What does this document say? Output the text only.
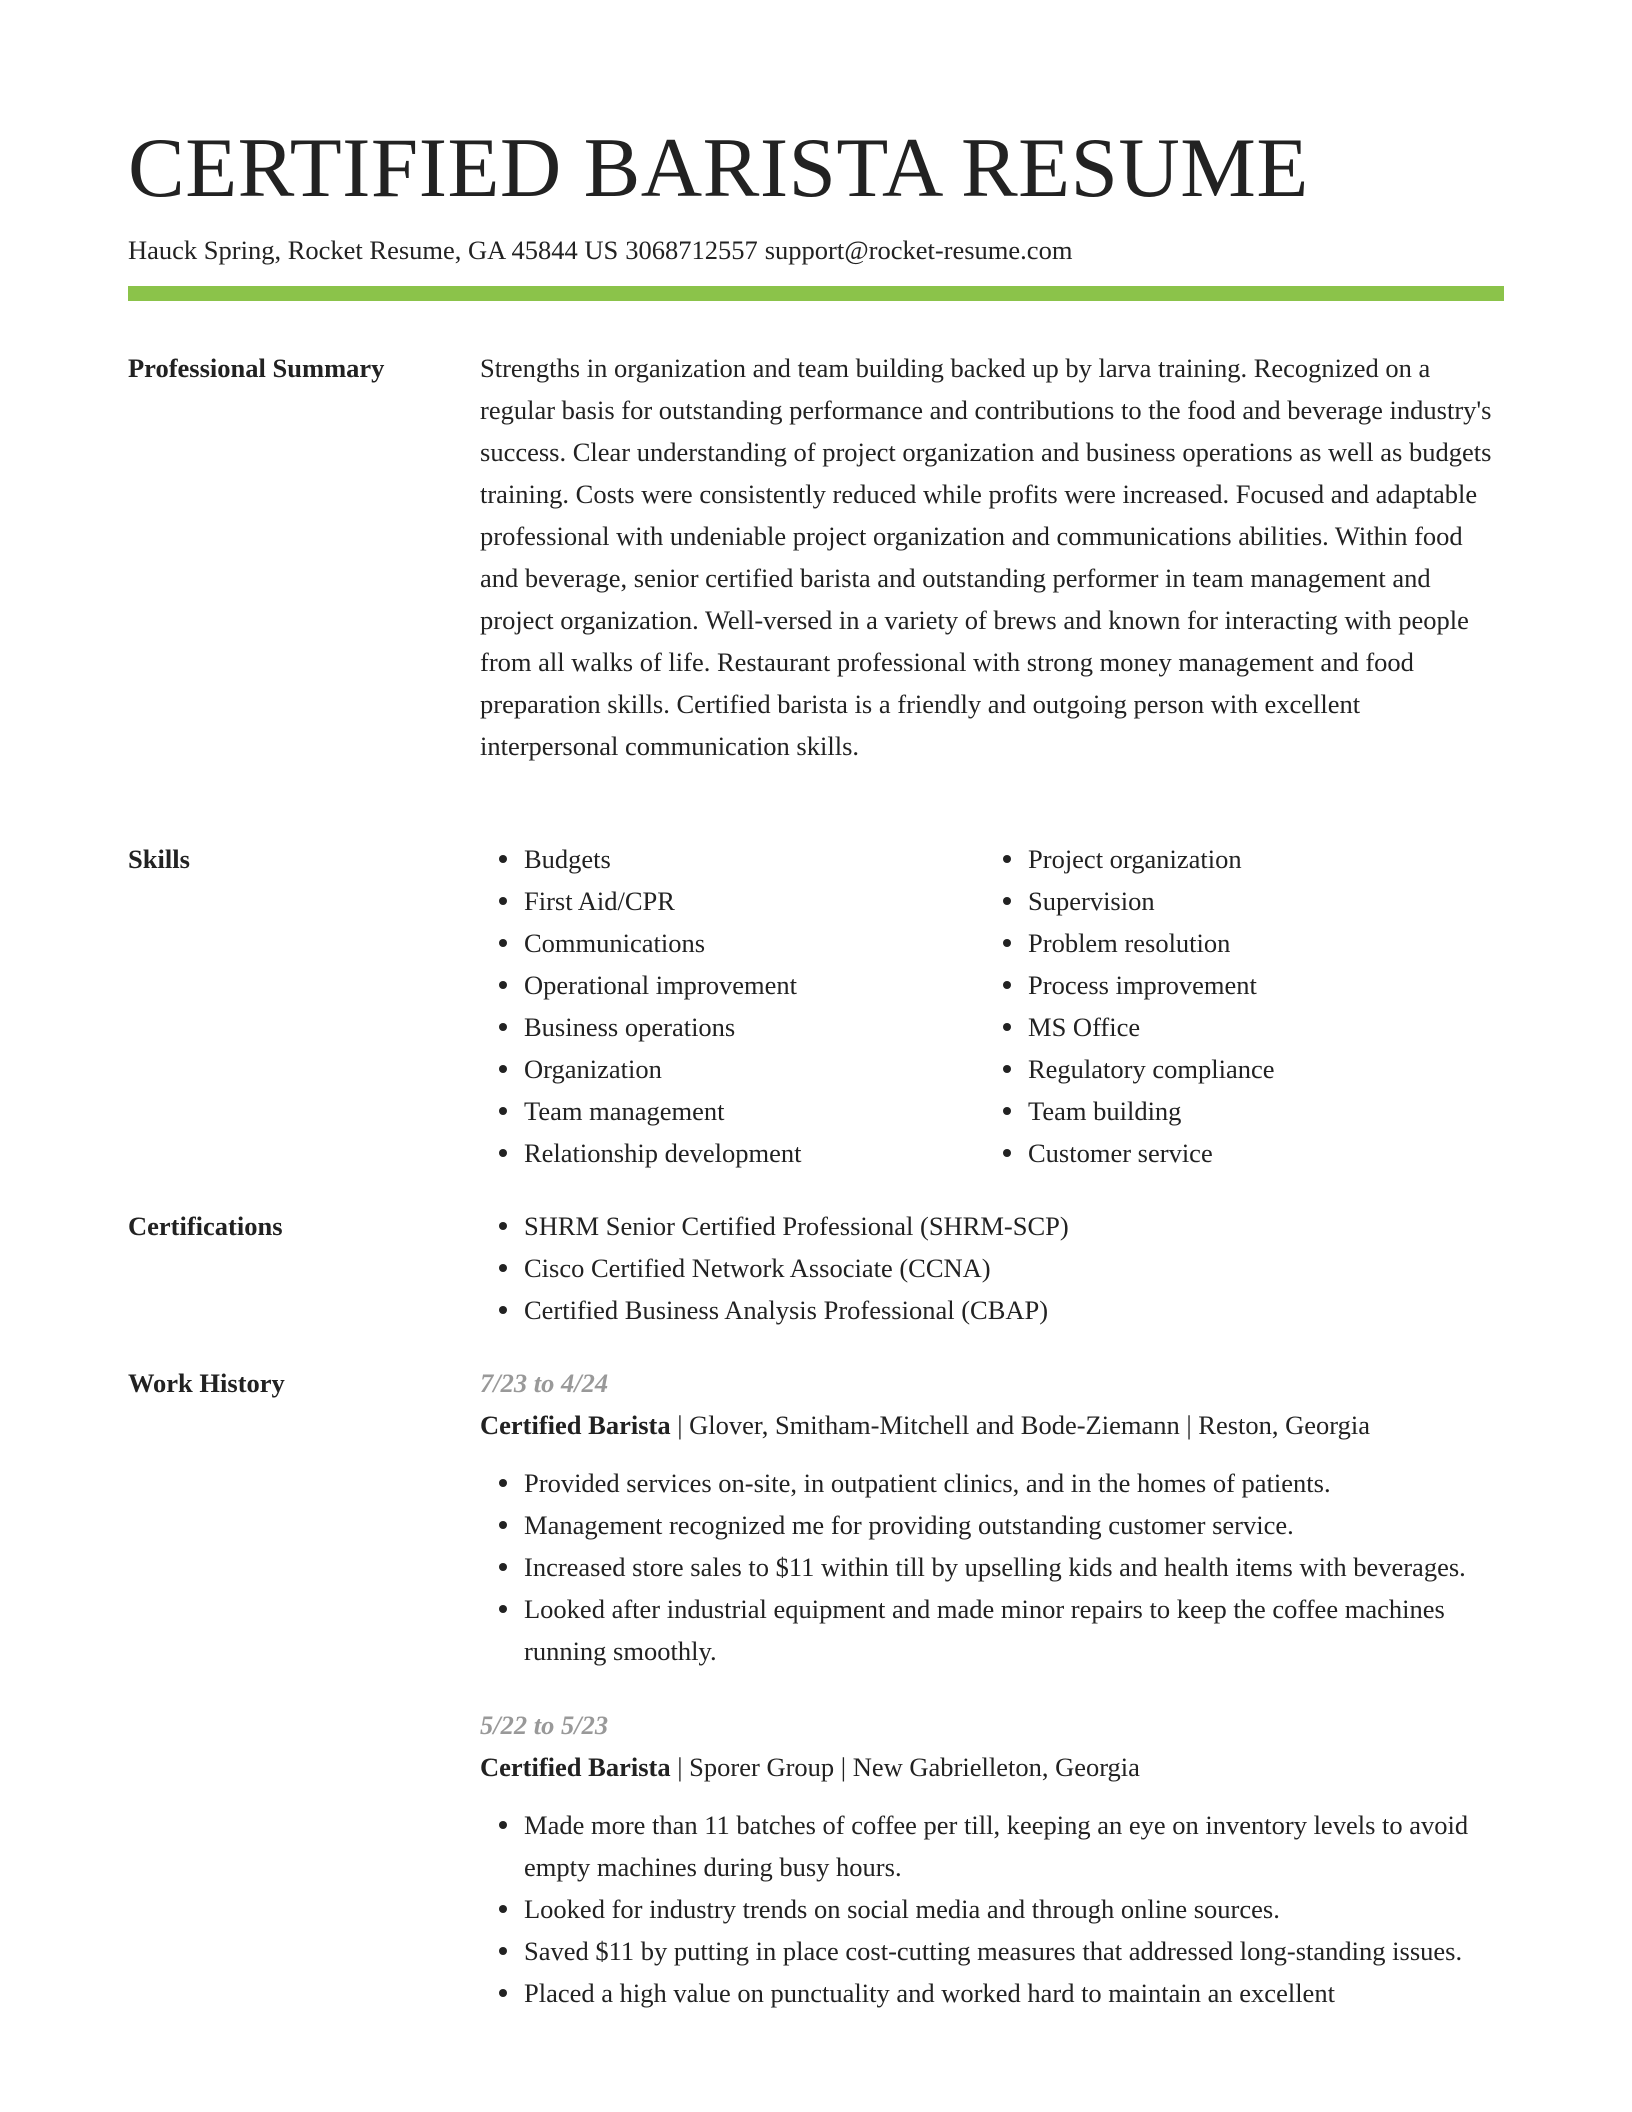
CERTIFIED BARISTA RESUME
Hauck Spring, Rocket Resume, GA 45844 US 3068712557 support@rocket-resume.com
Professional Summary	Strengths in organization and team building backed up by larva training. Recognized on a regular basis for outstanding performance and contributions to the food and beverage industry's success. Clear understanding of project organization and business operations as well as budgets training. Costs were consistently reduced while profits were increased. Focused and adaptable professional with undeniable project organization and communications abilities. Within food and beverage, senior certified barista and outstanding performer in team management and project organization. Well-versed in a variety of brews and known for interacting with people from all walks of life. Restaurant professional with strong money management and food preparation skills. Certified barista is a friendly and outgoing person with excellent interpersonal communication skills.

Skills	Budgets
First Aid/CPR
Communications
Operational improvement
Business operations
Organization
Team management
Relationship development
Project organization
Supervision
Problem resolution
Process improvement
MS Office
Regulatory compliance
Team building
Customer service
Certifications	SHRM Senior Certified Professional (SHRM-SCP)
Cisco Certified Network Associate (CCNA)
Certified Business Analysis Professional (CBAP)
Work History	7/23 to 4/24
Certified Barista | Glover, Smitham-Mitchell and Bode-Ziemann | Reston, Georgia
Provided services on-site, in outpatient clinics, and in the homes of patients.
Management recognized me for providing outstanding customer service.
Increased store sales to $11 within till by upselling kids and health items with beverages.
Looked after industrial equipment and made minor repairs to keep the coffee machines running smoothly.
5/22 to 5/23
Certified Barista | Sporer Group | New Gabrielleton, Georgia
Made more than 11 batches of coffee per till, keeping an eye on inventory levels to avoid empty machines during busy hours.
Looked for industry trends on social media and through online sources.
Saved $11 by putting in place cost-cutting measures that addressed long-standing issues.
Placed a high value on punctuality and worked hard to maintain an excellent
